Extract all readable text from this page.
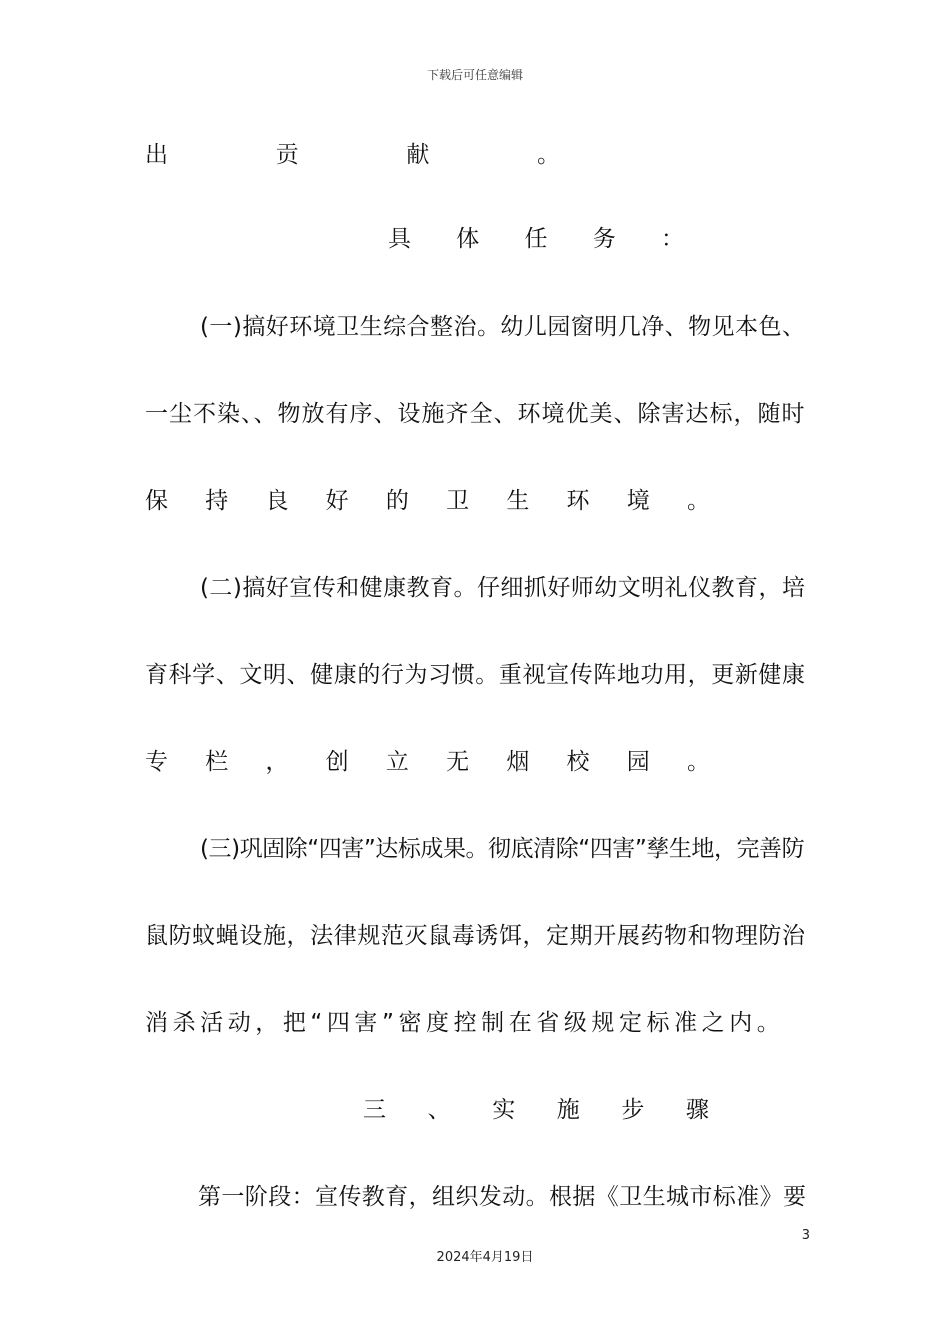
下载后可任意编辑
出	贡	献	。
具 体 任 务 ：
(一)搞好环境卫生综合整治。幼儿园窗明几净、物见本色、
一尘不染、、物放有序、设施齐全、环境优美、除害达标，随时
保 持 良 好 的 卫 生 环 境 。
(二)搞好宣传和健康教育。仔细抓好师幼文明礼仪教育，培
育科学、文明、健康的行为习惯。重视宣传阵地功用，更新健康
专 栏 ， 创 立 无 烟 校 园 。
(三)巩固除“四害”达标成果。彻底清除“四害”孳生地，完善防
鼠防蚊蝇设施，法律规范灭鼠毒诱饵，定期开展药物和物理防治
消 杀 活 动 ， 把 “ 四 害 ” 密 度 控 制 在 省 级 规 定 标 准 之 内 。
三 、 实 施 步 骤
第一阶段：宣传教育，组织发动。根据《卫生城市标准》要
3
2024年4月19日
